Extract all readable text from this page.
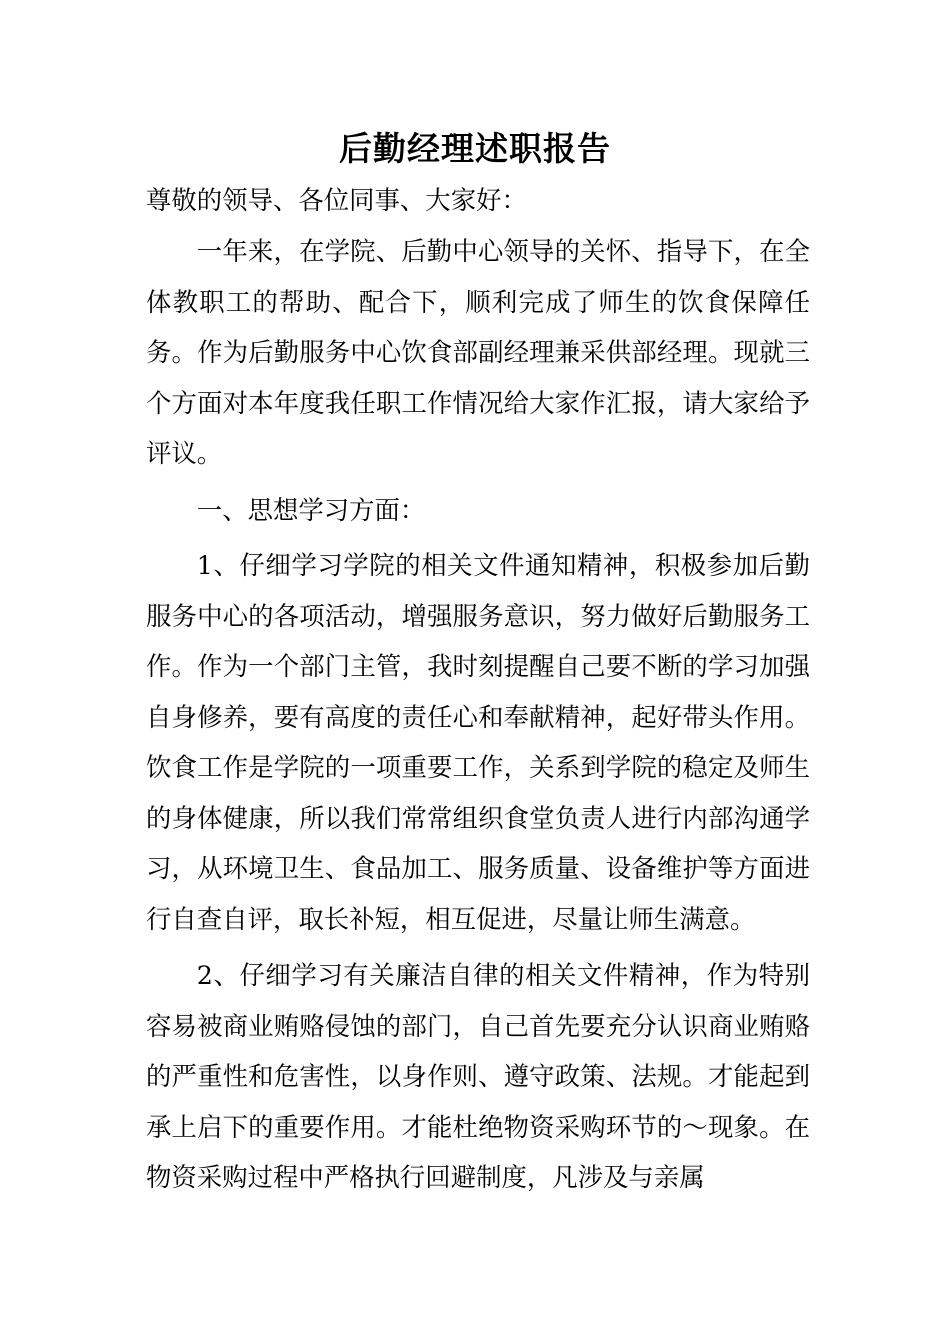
后勤经理述职报告

尊敬的领导、各位同事、大家好：

一年来，在学院、后勤中心领导的关怀、指导下，在全体教职工的帮助、配合下，顺利完成了师生的饮食保障任务。作为后勤服务中心饮食部副经理兼采供部经理。现就三个方面对本年度我任职工作情况给大家作汇报，请大家给予评议。

一、思想学习方面：

1、仔细学习学院的相关文件通知精神，积极参加后勤服务中心的各项活动，增强服务意识，努力做好后勤服务工作。作为一个部门主管，我时刻提醒自己要不断的学习加强自身修养，要有高度的责任心和奉献精神，起好带头作用。饮食工作是学院的一项重要工作，关系到学院的稳定及师生的身体健康，所以我们常常组织食堂负责人进行内部沟通学习，从环境卫生、食品加工、服务质量、设备维护等方面进行自查自评，取长补短，相互促进，尽量让师生满意。

2、仔细学习有关廉洁自律的相关文件精神，作为特别容易被商业贿赂侵蚀的部门，自己首先要充分认识商业贿赂的严重性和危害性，以身作则、遵守政策、法规。才能起到承上启下的重要作用。才能杜绝物资采购环节的～现象。在物资采购过程中严格执行回避制度，凡涉及与亲属
